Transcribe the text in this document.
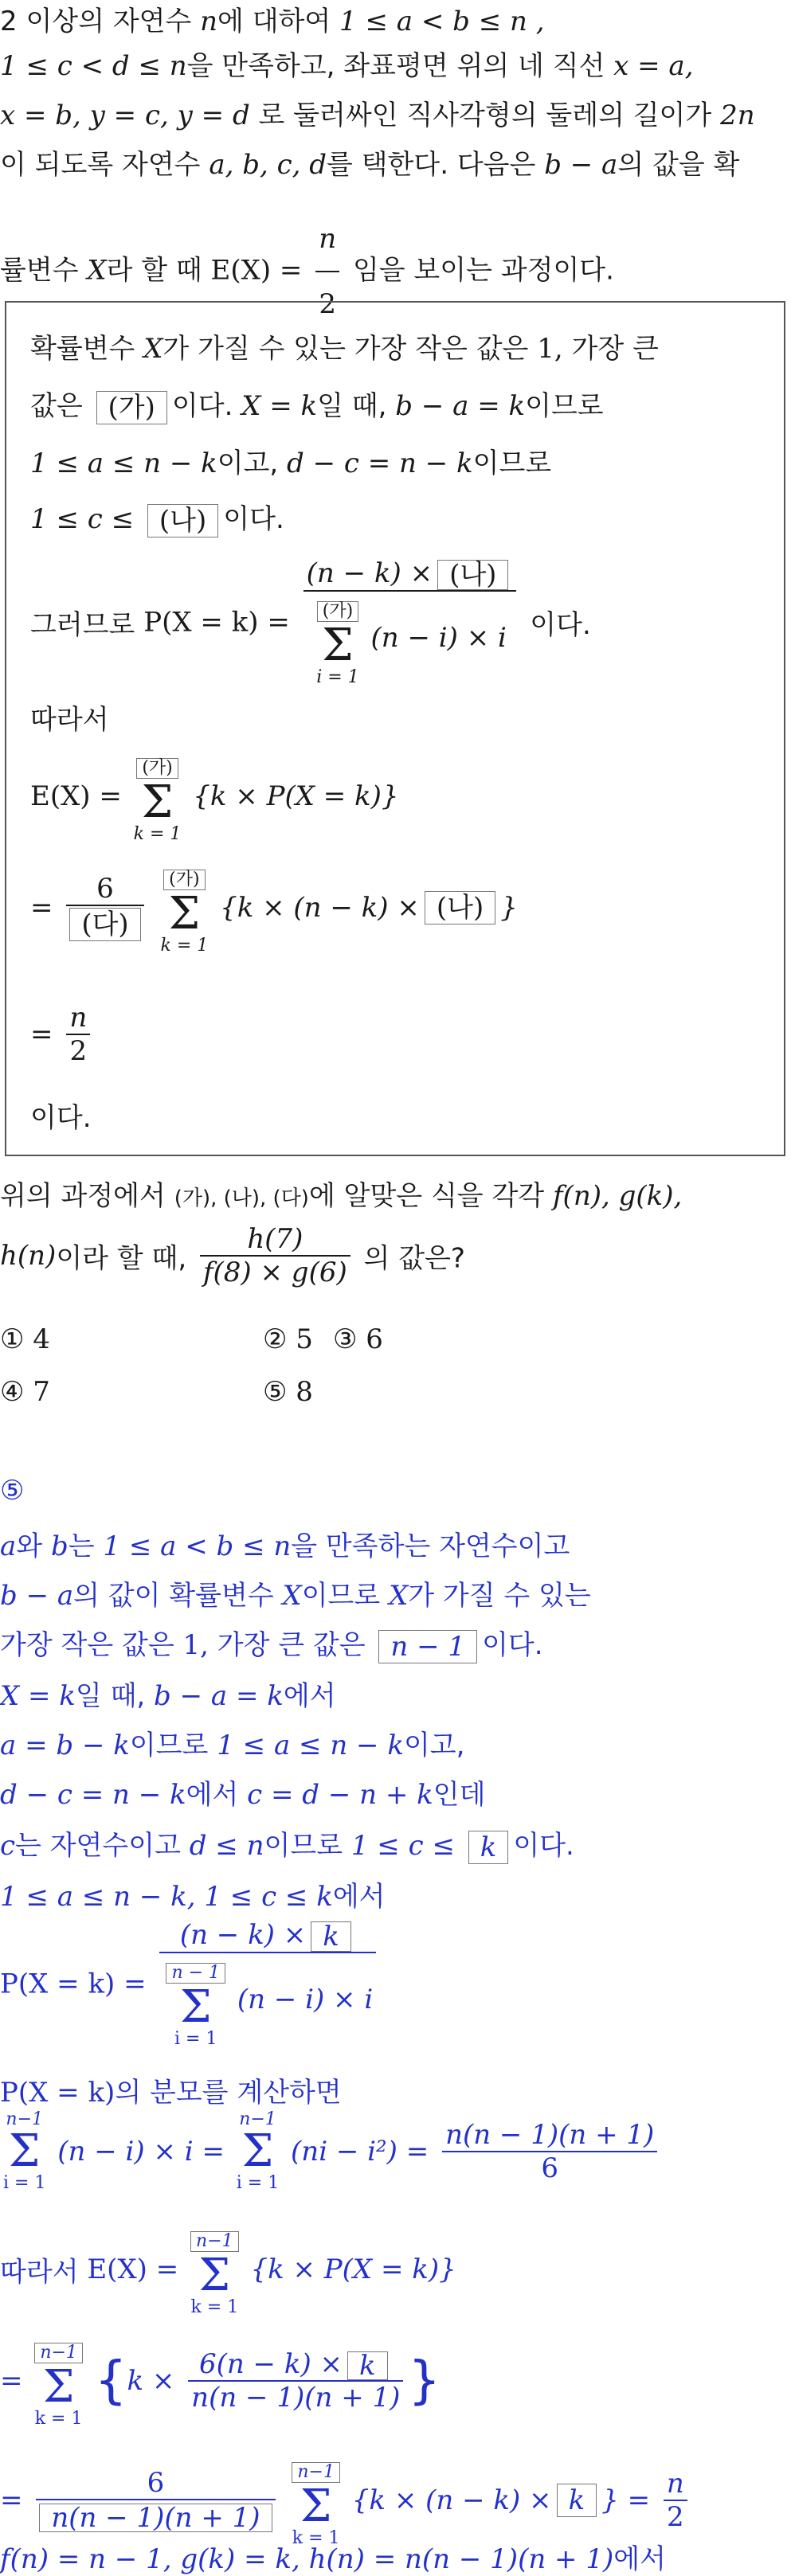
2 이상의 자연수 n에 대하여 1 ≤ a < b ≤ n ,
1 ≤ c < d ≤ n을 만족하고, 좌표평면 위의 네 직선 x = a,
x = b, y = c, y = d 로 둘러싸인 직사각형의 둘레의 길이가 2n
이 되도록 자연수 a, b, c, d를 택한다. 다음은 b − a의 값을 확
률변수 X라 할 때 $E(X) = \frac{n}{2}$ 임을 보이는 과정이다.
확률변수 X가 가질 수 있는 가장 작은 값은 1, 가장 큰
값은 (가) 이다. X = k일 때, b − a = k이므로
1 ≤ a ≤ n − k이고, d − c = n − k이므로
1 ≤ c ≤ (나) 이다.
그러므로 P(X = k) = (n − k) × (나)
(가)
Σ
i = 1
(n − i) × i 이다.
따라서
E(X) = (가)
Σ
k = 1
{k × P(X = k)}
= $\frac{6}{\text{(다)}}$ (가)
Σ
k = 1
{k × (n − k) × (나) }
= $\frac{n}{2}$
이다.
위의 과정에서 (가), (나), (다)에 알맞은 식을 각각 f(n), g(k),
h(n)이라 할 때, $\frac{h(7)}{f(8) \times g(6)}$ 의 값은?
① 4	② 5 ③ 6
④ 7	⑤ 8
⑤
a와 b는 1 ≤ a < b ≤ n을 만족하는 자연수이고
b − a의 값이 확률변수 X이므로 X가 가질 수 있는
가장 작은 값은 1, 가장 큰 값은 n − 1 이다.
X = k일 때, b − a = k에서
a = b − k이므로 1 ≤ a ≤ n − k이고,
d − c = n − k에서 c = d − n + k인데
c는 자연수이고 d ≤ n이므로 1 ≤ c ≤ k 이다.
1 ≤ a ≤ n − k, 1 ≤ c ≤ k에서
P(X = k) = (n − k) × k
n − 1
Σ
i = 1
(n − i) × i
P(X = k)의 분모를 계산하면
n−1
Σ
i = 1
(n − i) × i =
n−1
Σ
i = 1
$(ni - i^2) = \frac{n(n - 1)(n + 1)}{6}$
따라서 E(X) = n−1
Σ
k = 1
{k × P(X = k)}
= n−1
Σ
k = 1
{$k \times \frac{6(n - k) \times k}{n(n - 1)(n + 1)}$ }
= $\frac{6}{n(n - 1)(n + 1)} n-1$
Σ
k = 1
{k × (n − k) × k } = $\frac{n}{2}$
f(n) = n − 1, g(k) = k, h(n) = n(n − 1)(n + 1)에서
